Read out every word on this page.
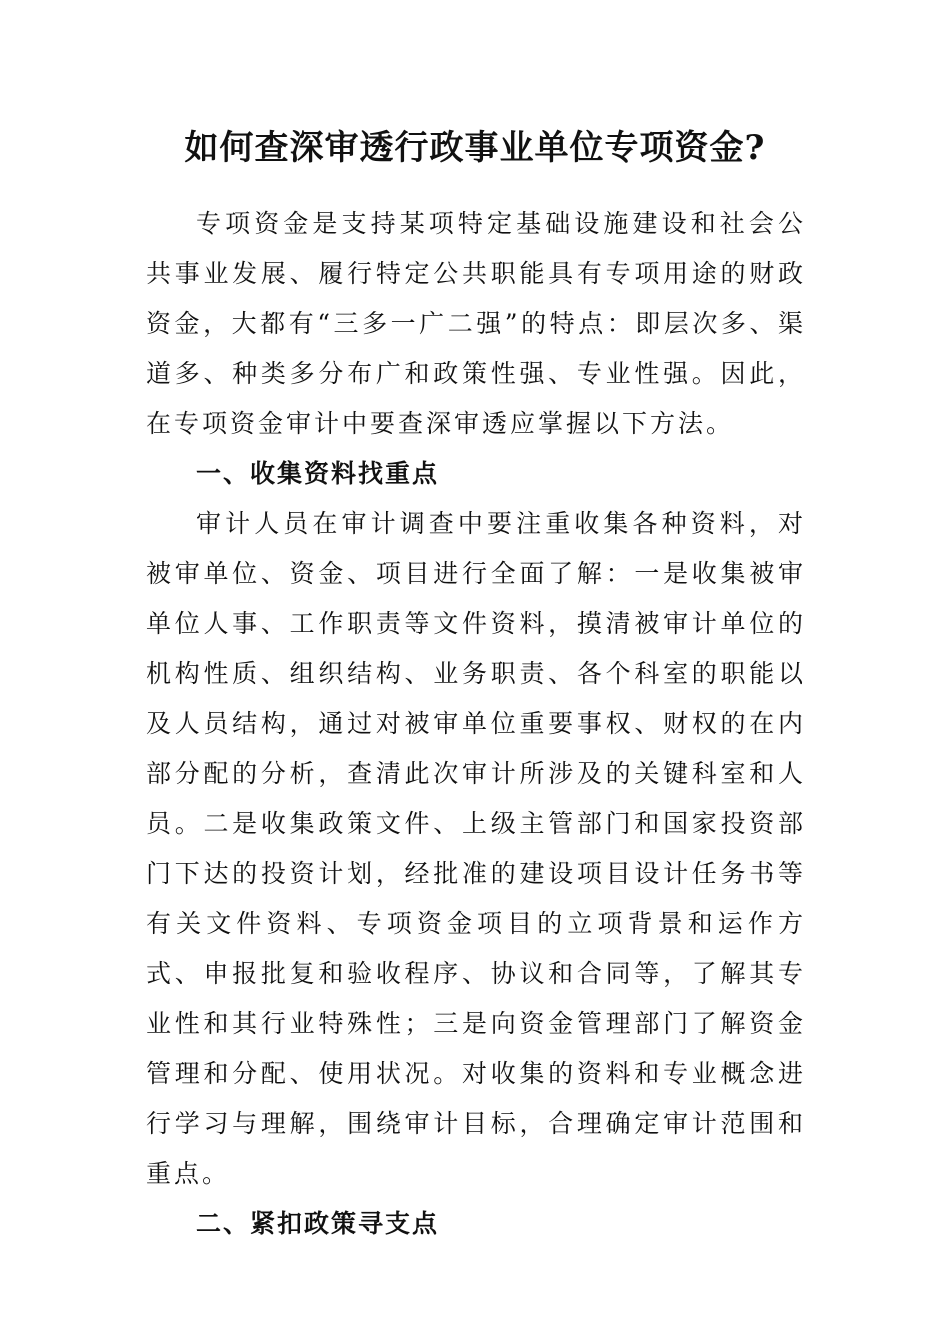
如何查深审透行政事业单位专项资金?

专项资金是支持某项特定基础设施建设和社会公共事业发展、履行特定公共职能具有专项用途的财政资金，大都有“三多一广二强”的特点：即层次多、渠道多、种类多分布广和政策性强、专业性强。因此，在专项资金审计中要查深审透应掌握以下方法。

一、收集资料找重点

审计人员在审计调查中要注重收集各种资料，对被审单位、资金、项目进行全面了解：一是收集被审单位人事、工作职责等文件资料，摸清被审计单位的机构性质、组织结构、业务职责、各个科室的职能以及人员结构，通过对被审单位重要事权、财权的在内部分配的分析，查清此次审计所涉及的关键科室和人员。二是收集政策文件、上级主管部门和国家投资部门下达的投资计划，经批准的建设项目设计任务书等有关文件资料、专项资金项目的立项背景和运作方式、申报批复和验收程序、协议和合同等，了解其专业性和其行业特殊性；三是向资金管理部门了解资金管理和分配、使用状况。对收集的资料和专业概念进行学习与理解，围绕审计目标，合理确定审计范围和重点。

二、紧扣政策寻支点
